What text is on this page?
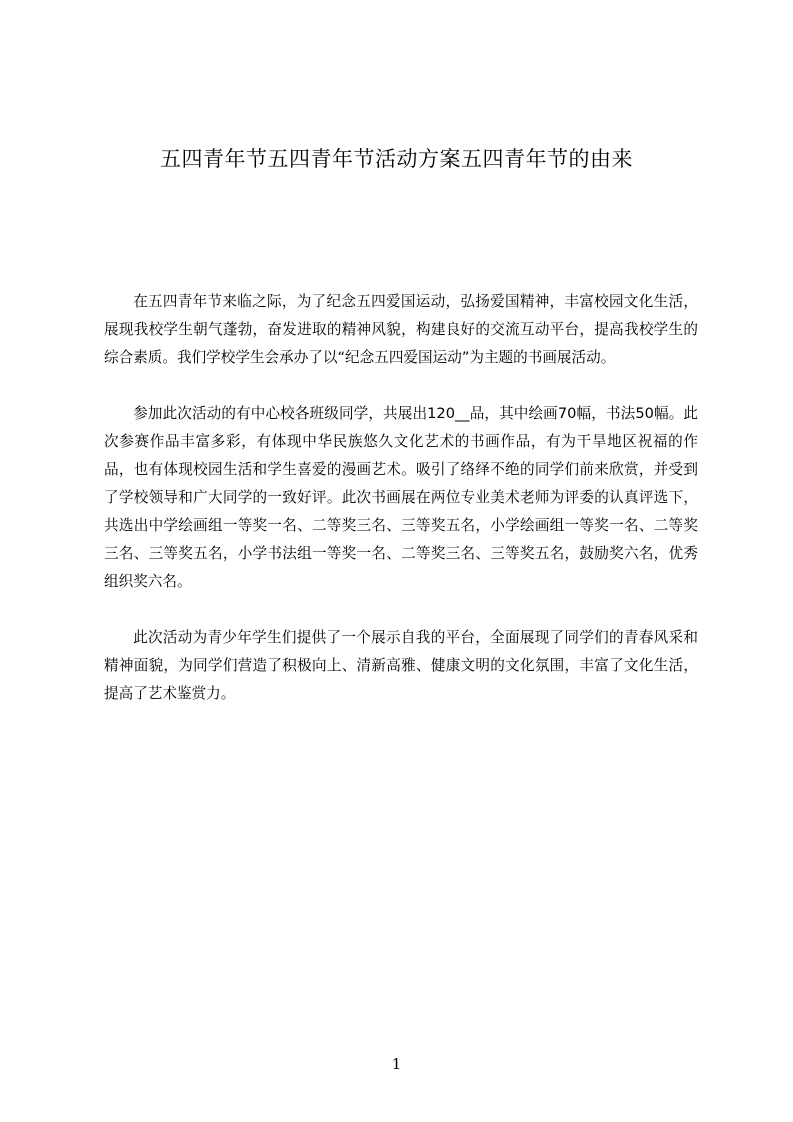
五四青年节五四青年节活动方案五四青年节的由来

在五四青年节来临之际，为了纪念五四爱国运动，弘扬爱国精神，丰富校园文化生活，展现我校学生朝气蓬勃，奋发进取的精神风貌，构建良好的交流互动平台，提高我校学生的综合素质。我们学校学生会承办了以“纪念五四爱国运动”为主题的书画展活动。

参加此次活动的有中心校各班级同学，共展出120__品，其中绘画70幅，书法50幅。此次参赛作品丰富多彩，有体现中华民族悠久文化艺术的书画作品，有为干旱地区祝福的作品，也有体现校园生活和学生喜爱的漫画艺术。吸引了络绎不绝的同学们前来欣赏，并受到了学校领导和广大同学的一致好评。此次书画展在两位专业美术老师为评委的认真评选下，共选出中学绘画组一等奖一名、二等奖三名、三等奖五名，小学绘画组一等奖一名、二等奖三名、三等奖五名，小学书法组一等奖一名、二等奖三名、三等奖五名，鼓励奖六名，优秀组织奖六名。

此次活动为青少年学生们提供了一个展示自我的平台，全面展现了同学们的青春风采和精神面貌，为同学们营造了积极向上、清新高雅、健康文明的文化氛围，丰富了文化生活，提高了艺术鉴赏力。

1
